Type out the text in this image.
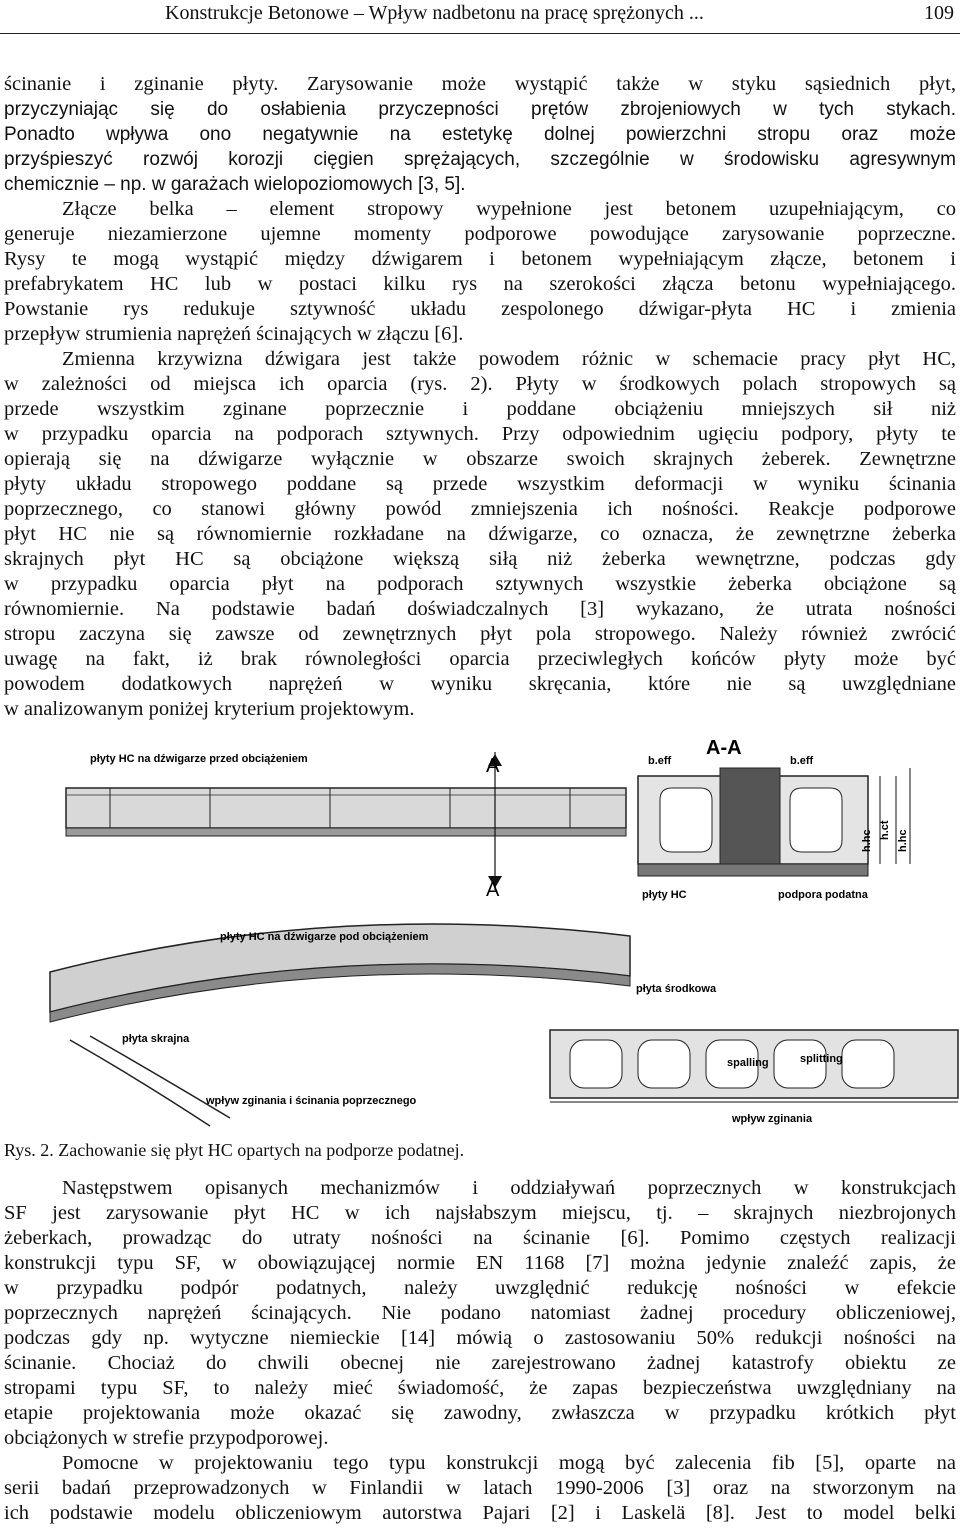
Konstrukcje Betonowe – Wpływ nadbetonu na pracę sprężonych ...	109
ścinanie i zginanie płyty. Zarysowanie może wystąpić także w styku sąsiednich płyt,
przyczyniając się do osłabienia przyczepności prętów zbrojeniowych w tych stykach.
Ponadto wpływa ono negatywnie na estetykę dolnej powierzchni stropu oraz może
przyśpieszyć rozwój korozji cięgien sprężających, szczególnie w środowisku agresywnym
chemicznie – np. w garażach wielopoziomowych [3, 5].
Złącze belka – element stropowy wypełnione jest betonem uzupełniającym, co
generuje niezamierzone ujemne momenty podporowe powodujące zarysowanie poprzeczne.
Rysy te mogą wystąpić między dźwigarem i betonem wypełniającym złącze, betonem i
prefabrykatem HC lub w postaci kilku rys na szerokości złącza betonu wypełniającego.
Powstanie rys redukuje sztywność układu zespolonego dźwigar-płyta HC i zmienia
przepływ strumienia naprężeń ścinających w złączu [6].
Zmienna krzywizna dźwigara jest także powodem różnic w schemacie pracy płyt HC,
w zależności od miejsca ich oparcia (rys. 2). Płyty w środkowych polach stropowych są
przede wszystkim zginane poprzecznie i poddane obciążeniu mniejszych sił niż
w przypadku oparcia na podporach sztywnych. Przy odpowiednim ugięciu podpory, płyty te
opierają się na dźwigarze wyłącznie w obszarze swoich skrajnych żeberek. Zewnętrzne
płyty układu stropowego poddane są przede wszystkim deformacji w wyniku ścinania
poprzecznego, co stanowi główny powód zmniejszenia ich nośności. Reakcje podporowe
płyt HC nie są równomiernie rozkładane na dźwigarze, co oznacza, że zewnętrzne żeberka
skrajnych płyt HC są obciążone większą siłą niż żeberka wewnętrzne, podczas gdy
w przypadku oparcia płyt na podporach sztywnych wszystkie żeberka obciążone są
równomiernie. Na podstawie badań doświadczalnych [3] wykazano, że utrata nośności
stropu zaczyna się zawsze od zewnętrznych płyt pola stropowego. Należy również zwrócić
uwagę na fakt, iż brak równoległości oparcia przeciwległych końców płyty może być
powodem dodatkowych naprężeń w wyniku skręcania, które nie są uwzględniane
w analizowanym poniżej kryterium projektowym.
płyty HC na dźwigarze przed obciążeniem	A
A
A-A
b.eff	b.eff
h.hc h.ct h.hc
płyty HC	podpora podatna
płyty HC na dźwigarze pod obciążeniem
płyta skrajna
wpływ zginania i ścinania poprzecznego
płyta środkowa
spalling	splitting
wpływ zginania
Rys. 2. Zachowanie się płyt HC opartych na podporze podatnej.
Następstwem opisanych mechanizmów i oddziaływań poprzecznych w konstrukcjach
SF jest zarysowanie płyt HC w ich najsłabszym miejscu, tj. – skrajnych niezbrojonych
żeberkach, prowadząc do utraty nośności na ścinanie [6]. Pomimo częstych realizacji
konstrukcji typu SF, w obowiązującej normie EN 1168 [7] można jedynie znaleźć zapis, że
w przypadku podpór podatnych, należy uwzględnić redukcję nośności w efekcie
poprzecznych naprężeń ścinających. Nie podano natomiast żadnej procedury obliczeniowej,
podczas gdy np. wytyczne niemieckie [14] mówią o zastosowaniu 50% redukcji nośności na
ścinanie. Chociaż do chwili obecnej nie zarejestrowano żadnej katastrofy obiektu ze
stropami typu SF, to należy mieć świadomość, że zapas bezpieczeństwa uwzględniany na
etapie projektowania może okazać się zawodny, zwłaszcza w przypadku krótkich płyt
obciążonych w strefie przypodporowej.
Pomocne w projektowaniu tego typu konstrukcji mogą być zalecenia fib [5], oparte na
serii badań przeprowadzonych w Finlandii w latach 1990-2006 [3] oraz na stworzonym na
ich podstawie modelu obliczeniowym autorstwa Pajari [2] i Laskelä [8]. Jest to model belki
